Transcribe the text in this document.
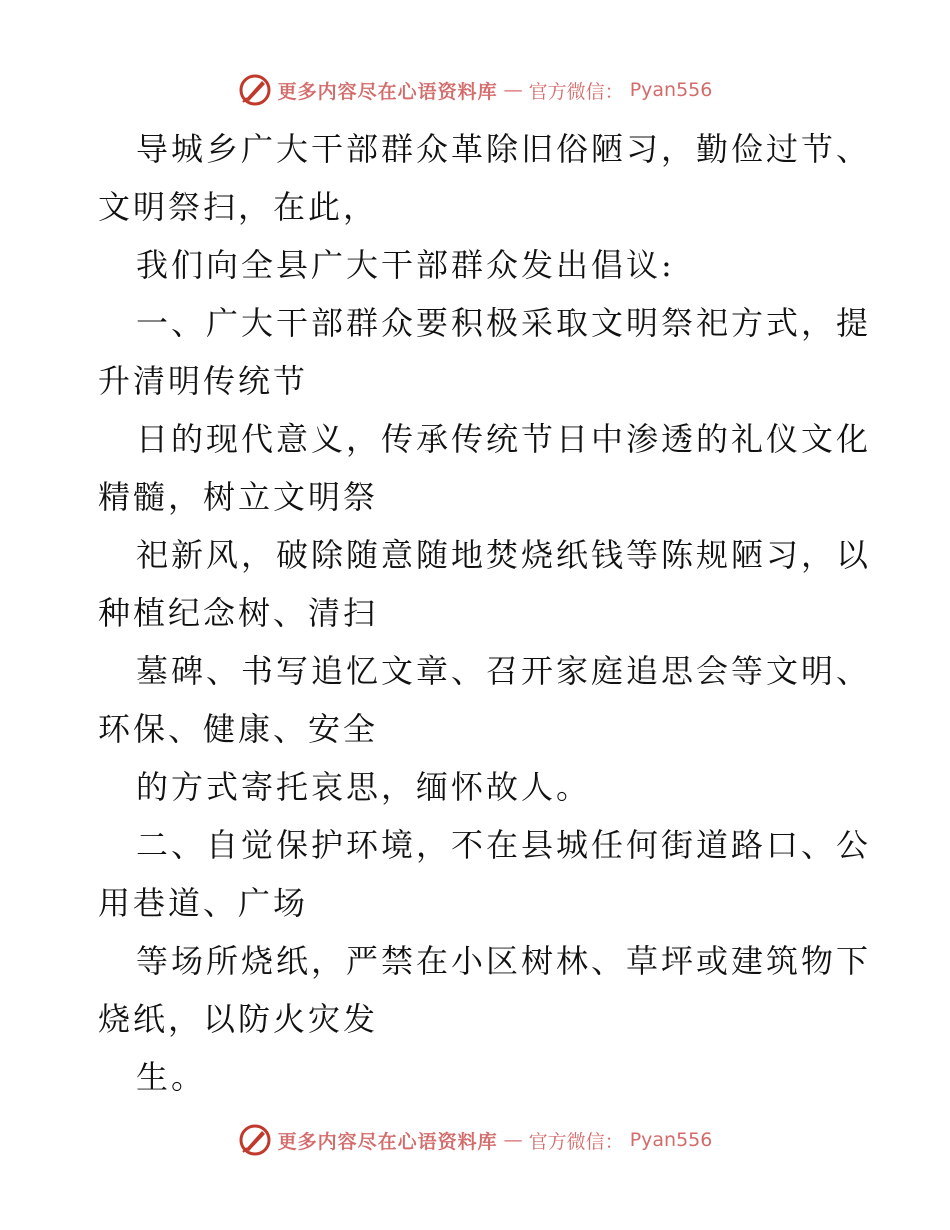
更多内容尽在心语资料库 — 官方微信： Pyan556
导城乡广大干部群众革除旧俗陋习，勤俭过节、
文明祭扫，在此，
我们向全县广大干部群众发出倡议:
一、广大干部群众要积极采取文明祭祀方式，提
升清明传统节
日的现代意义，传承传统节日中渗透的礼仪文化
精髓，树立文明祭
祀新风，破除随意随地焚烧纸钱等陈规陋习，以
种植纪念树、清扫
墓碑、书写追忆文章、召开家庭追思会等文明、
环保、健康、安全
的方式寄托哀思，缅怀故人。
二、自觉保护环境，不在县城任何街道路口、公
用巷道、广场
等场所烧纸，严禁在小区树林、草坪或建筑物下
烧纸，以防火灾发
生。
更多内容尽在心语资料库 — 官方微信： Pyan556
